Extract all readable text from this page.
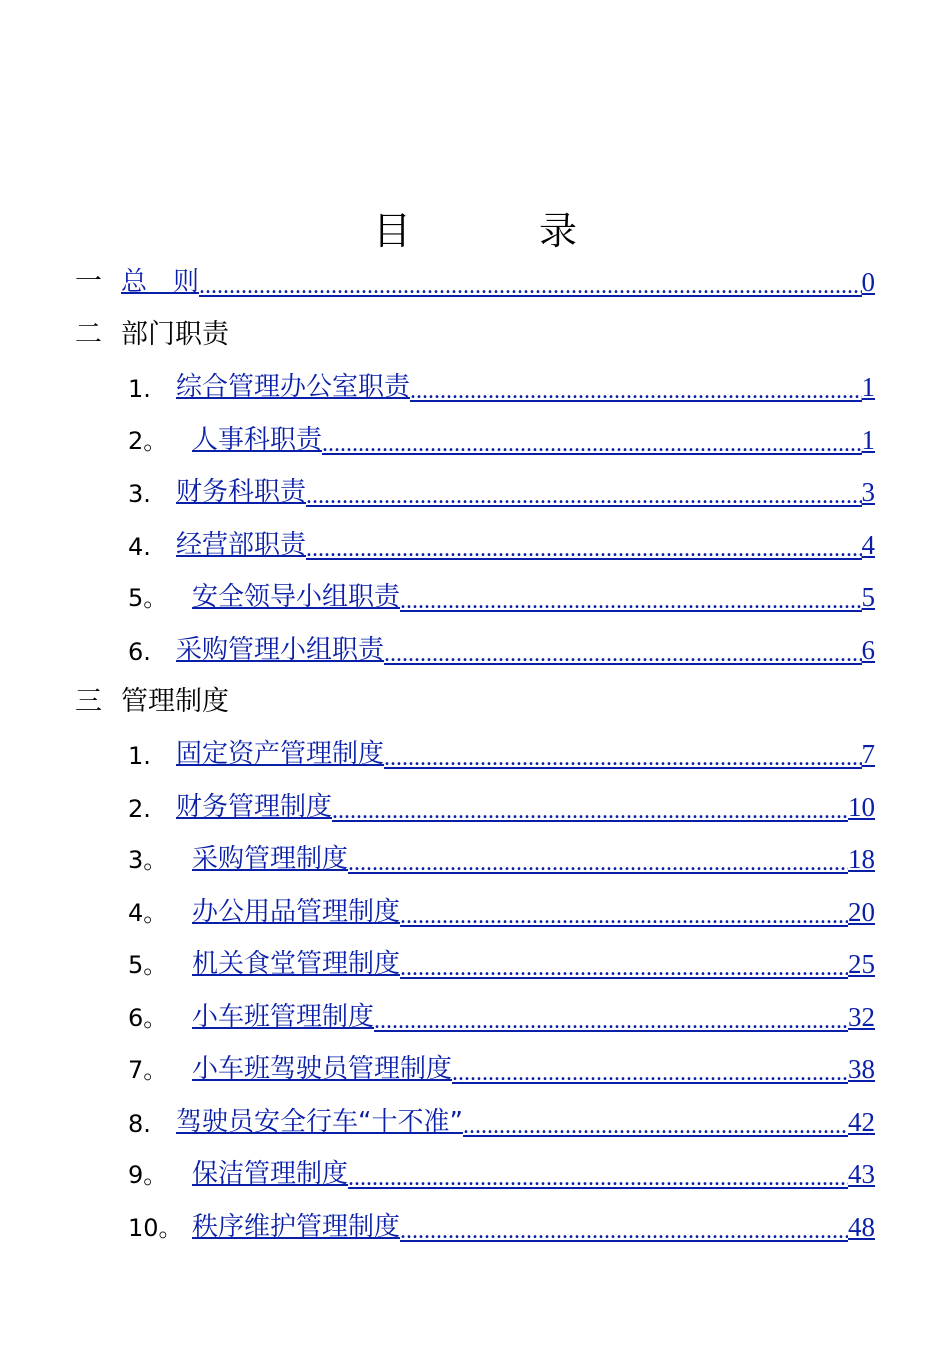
目 录
一 总　则 .....	0
二 部门职责
1. 综合管理办公室职责 .....	1
2。 人事科职责 .....	1
3. 财务科职责 .....	3
4. 经营部职责 .....	4
5。 安全领导小组职责 .....	5
6. 采购管理小组职责 .....	6
三 管理制度
1. 固定资产管理制度 .....	7
2. 财务管理制度 .....	10
3。 采购管理制度 .....	18
4。 办公用品管理制度 .....	20
5。 机关食堂管理制度 .....	25
6。 小车班管理制度 .....	32
7。 小车班驾驶员管理制度 .....	38
8. 驾驶员安全行车“十不准” .....	42
9。 保洁管理制度 .....	43
10。 秩序维护管理制度 .....	48
